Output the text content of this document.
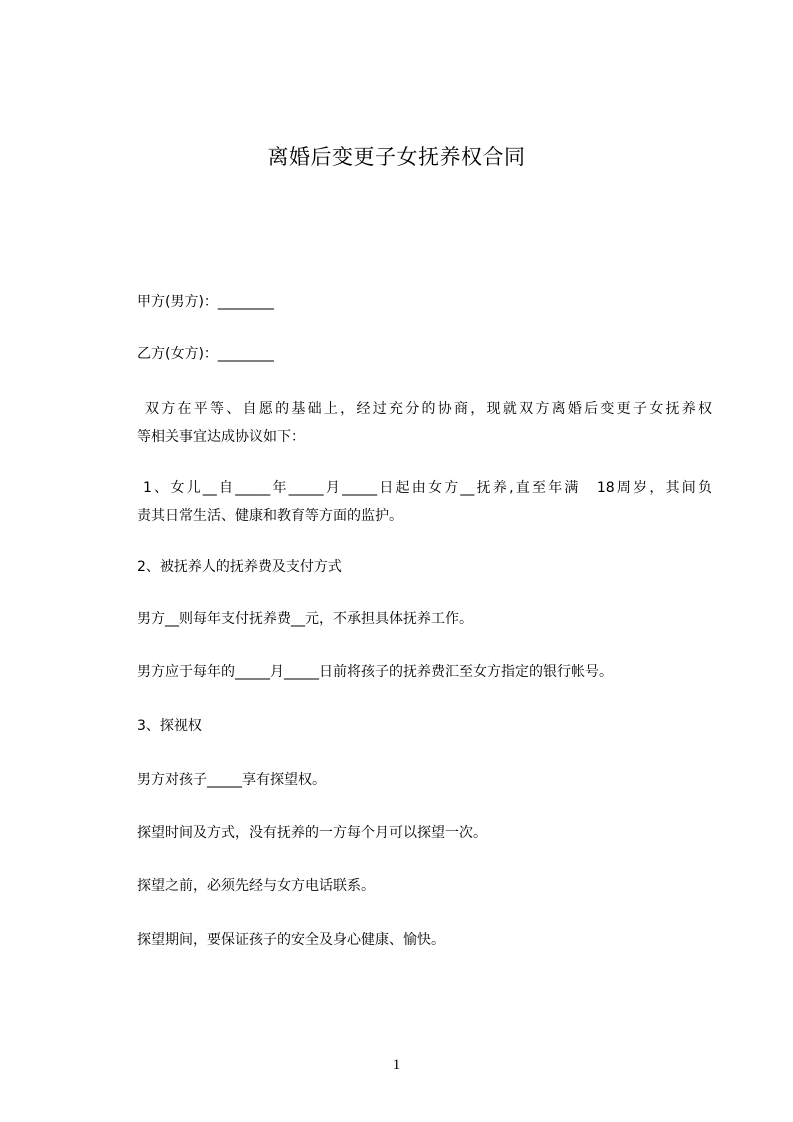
离婚后变更子女抚养权合同
甲方(男方)：________
乙方(女方)：________
双方在平等、自愿的基础上，经过充分的协商，现就双方离婚后变更子女抚养权
等相关事宜达成协议如下：
1、女儿__自_____年_____月_____日起由女方__抚养,直至年满　18周岁，其间负
责其日常生活、健康和教育等方面的监护。
2、被抚养人的抚养费及支付方式
男方__则每年支付抚养费__元，不承担具体抚养工作。
男方应于每年的_____月_____日前将孩子的抚养费汇至女方指定的银行帐号。
3、探视权
男方对孩子_____享有探望权。
探望时间及方式，没有抚养的一方每个月可以探望一次。
探望之前，必须先经与女方电话联系。
探望期间，要保证孩子的安全及身心健康、愉快。
1
